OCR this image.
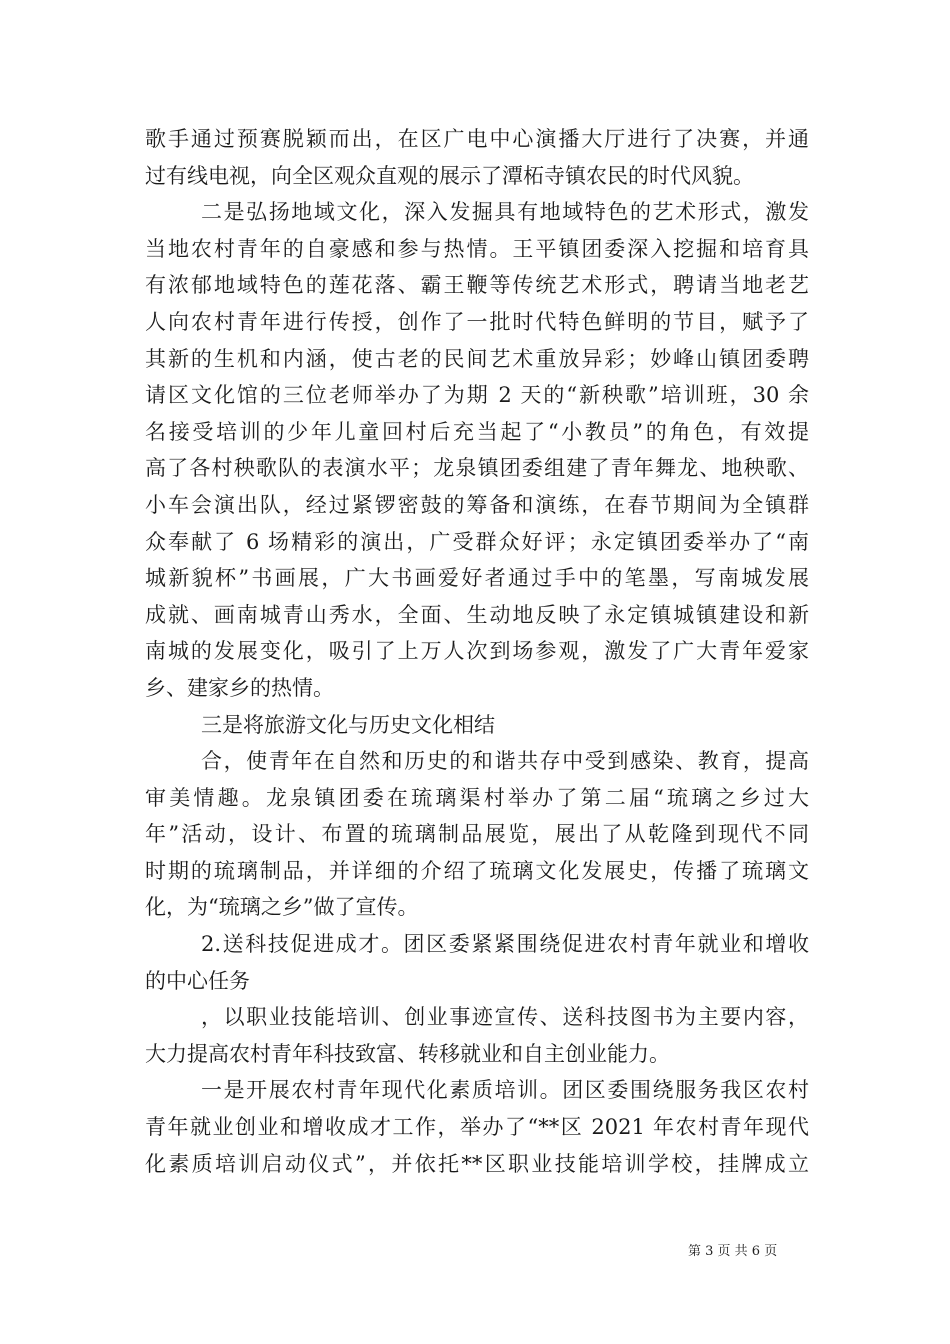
歌手通过预赛脱颖而出，在区广电中心演播大厅进行了决赛，并通
过有线电视，向全区观众直观的展示了潭柘寺镇农民的时代风貌。
二是弘扬地域文化，深入发掘具有地域特色的艺术形式，激发
当地农村青年的自豪感和参与热情。王平镇团委深入挖掘和培育具
有浓郁地域特色的莲花落、霸王鞭等传统艺术形式，聘请当地老艺
人向农村青年进行传授，创作了一批时代特色鲜明的节目，赋予了
其新的生机和内涵，使古老的民间艺术重放异彩；妙峰山镇团委聘
请区文化馆的三位老师举办了为期 2 天的“新秧歌”培训班，30 余
名接受培训的少年儿童回村后充当起了“小教员”的角色，有效提
高了各村秧歌队的表演水平；龙泉镇团委组建了青年舞龙、地秧歌、
小车会演出队，经过紧锣密鼓的筹备和演练，在春节期间为全镇群
众奉献了 6 场精彩的演出，广受群众好评；永定镇团委举办了“南
城新貌杯”书画展，广大书画爱好者通过手中的笔墨，写南城发展
成就、画南城青山秀水，全面、生动地反映了永定镇城镇建设和新
南城的发展变化，吸引了上万人次到场参观，激发了广大青年爱家
乡、建家乡的热情。
三是将旅游文化与历史文化相结
合，使青年在自然和历史的和谐共存中受到感染、教育，提高
审美情趣。龙泉镇团委在琉璃渠村举办了第二届“琉璃之乡过大
年”活动，设计、布置的琉璃制品展览，展出了从乾隆到现代不同
时期的琉璃制品，并详细的介绍了琉璃文化发展史，传播了琉璃文
化，为“琉璃之乡”做了宣传。
2.送科技促进成才。团区委紧紧围绕促进农村青年就业和增收
的中心任务
，以职业技能培训、创业事迹宣传、送科技图书为主要内容，
大力提高农村青年科技致富、转移就业和自主创业能力。
一是开展农村青年现代化素质培训。团区委围绕服务我区农村
青年就业创业和增收成才工作，举办了“**区 2021 年农村青年现代
化素质培训启动仪式”，并依托**区职业技能培训学校，挂牌成立
第 3 页 共 6 页
